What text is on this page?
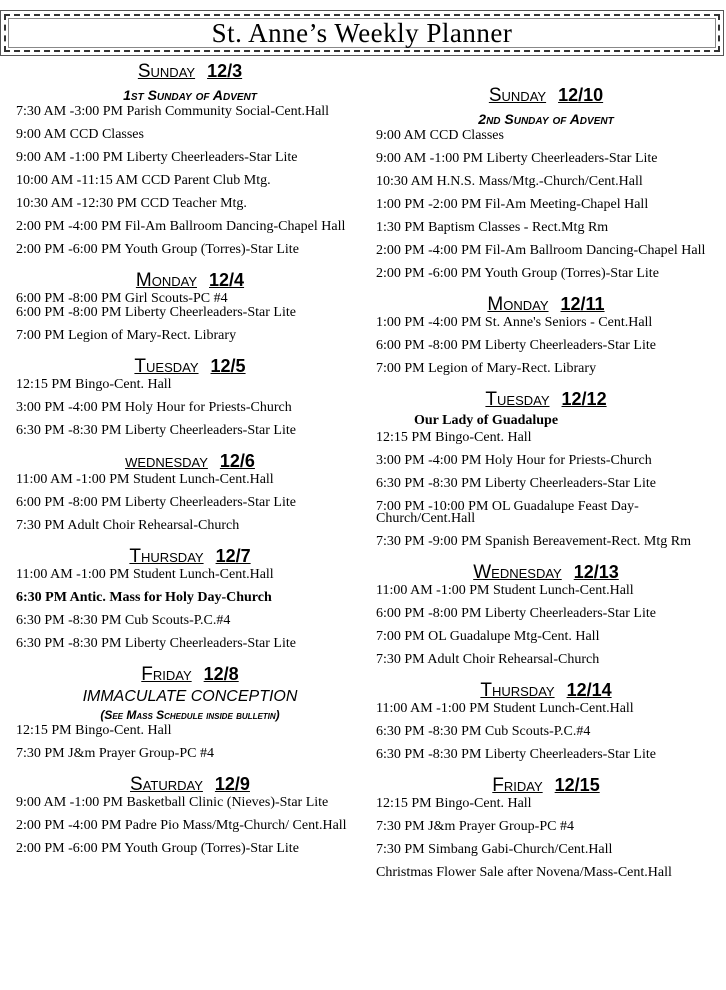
St. Anne’s Weekly Planner
Sunday 12/3
1st Sunday of Advent

7:30 AM -3:00 PM Parish Community Social-Cent.Hall

9:00 AM CCD Classes

9:00 AM -1:00 PM Liberty Cheerleaders-Star Lite

10:00 AM -11:15 AM CCD Parent Club Mtg.

10:30 AM -12:30 PM CCD Teacher Mtg.

2:00 PM -4:00 PM Fil-Am Ballroom Dancing-Chapel Hall

2:00 PM -6:00 PM Youth Group (Torres)-Star Lite

Monday 12/4

6:00 PM -8:00 PM Girl Scouts-PC #4

6:00 PM -8:00 PM Liberty Cheerleaders-Star Lite

7:00 PM Legion of Mary-Rect. Library

Tuesday 12/5

12:15 PM Bingo-Cent. Hall

3:00 PM -4:00 PM Holy Hour for Priests-Church

6:30 PM -8:30 PM Liberty Cheerleaders-Star Lite

wednesday 12/6

11:00 AM -1:00 PM Student Lunch-Cent.Hall

6:00 PM -8:00 PM Liberty Cheerleaders-Star Lite

7:30 PM Adult Choir Rehearsal-Church

Thursday 12/7

11:00 AM -1:00 PM Student Lunch-Cent.Hall

6:30 PM Antic. Mass for Holy Day-Church

6:30 PM -8:30 PM Cub Scouts-P.C.#4

6:30 PM -8:30 PM Liberty Cheerleaders-Star Lite

Friday 12/8
IMMACULATE CONCEPTION
(See Mass Schedule inside bulletin)

12:15 PM Bingo-Cent. Hall

7:30 PM J&m Prayer Group-PC #4

Saturday 12/9

9:00 AM -1:00 PM Basketball Clinic (Nieves)-Star Lite

2:00 PM -4:00 PM Padre Pio Mass/Mtg-Church/ Cent.Hall

2:00 PM -6:00 PM Youth Group (Torres)-Star Lite

Sunday 12/10
2nd Sunday of Advent

9:00 AM CCD Classes

9:00 AM -1:00 PM Liberty Cheerleaders-Star Lite

10:30 AM H.N.S. Mass/Mtg.-Church/Cent.Hall

1:00 PM -2:00 PM Fil-Am Meeting-Chapel Hall

1:30 PM Baptism Classes - Rect.Mtg Rm

2:00 PM -4:00 PM Fil-Am Ballroom Dancing-Chapel Hall

2:00 PM -6:00 PM Youth Group (Torres)-Star Lite

Monday 12/11

1:00 PM -4:00 PM St. Anne's Seniors - Cent.Hall

6:00 PM -8:00 PM Liberty Cheerleaders-Star Lite

7:00 PM Legion of Mary-Rect. Library

Tuesday 12/12
Our Lady of Guadalupe

12:15 PM Bingo-Cent. Hall

3:00 PM -4:00 PM Holy Hour for Priests-Church

6:30 PM -8:30 PM Liberty Cheerleaders-Star Lite

7:00 PM -10:00 PM OL Guadalupe Feast Day-Church/Cent.Hall

7:30 PM -9:00 PM Spanish Bereavement-Rect. Mtg Rm

Wednesday 12/13

11:00 AM -1:00 PM Student Lunch-Cent.Hall

6:00 PM -8:00 PM Liberty Cheerleaders-Star Lite

7:00 PM OL Guadalupe Mtg-Cent. Hall

7:30 PM Adult Choir Rehearsal-Church

Thursday 12/14

11:00 AM -1:00 PM Student Lunch-Cent.Hall

6:30 PM -8:30 PM Cub Scouts-P.C.#4

6:30 PM -8:30 PM Liberty Cheerleaders-Star Lite

Friday 12/15

12:15 PM Bingo-Cent. Hall

7:30 PM J&m Prayer Group-PC #4

7:30 PM Simbang Gabi-Church/Cent.Hall

Christmas Flower Sale after Novena/Mass-Cent.Hall
